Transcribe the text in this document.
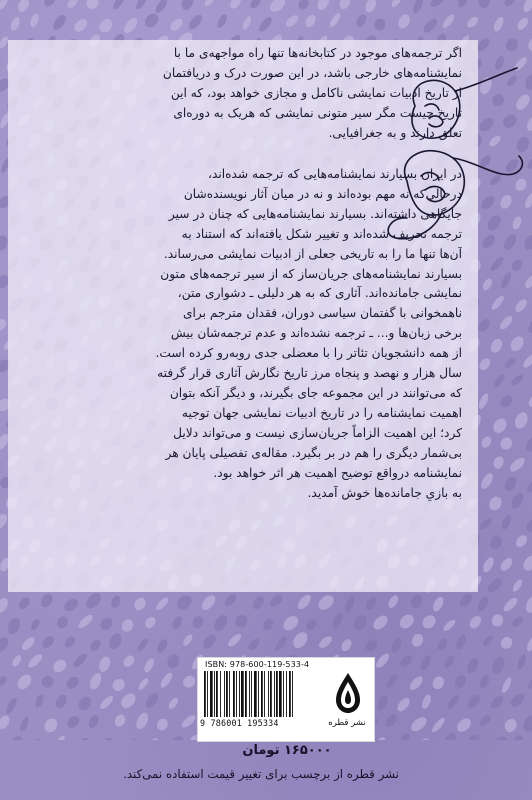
اگر ترجمه‌های موجود در کتابخانه‌ها تنها راه مواجهه‌ی ما با

نمایشنامه‌های خارجی باشد، در این صورت درک و دریافتمان

از تاریخ ادبیات نمایشی ناکامل و مجازی خواهد بود، که این

تاریخ چیست مگر سیر متونی نمایشی که هریک به دوره‌ای

تعلق دارند و به جغرافیایی.

در ایران بسیارند نمایشنامه‌هایی که ترجمه شده‌اند،

درحالی‌که نه مهم بوده‌اند و نه در میان آثار نویسنده‌شان

جایگاهی داشته‌اند. بسیارند نمایشنامه‌هایی که چنان در سیر

ترجمه تحریف شده‌اند و تغییر شکل یافته‌اند که استناد به

آن‌ها تنها ما را به تاریخی جعلی از ادبیات نمایشی می‌رساند.

بسیارند نمایشنامه‌های جریان‌ساز که از سیر ترجمه‌های متون

نمایشی جامانده‌اند. آثاری که به هر دلیلی ـ دشواری متن،

ناهمخوانی با گفتمان سیاسی دوران، فقدان مترجم برای

برخی زبان‌ها و... ـ ترجمه نشده‌اند و عدم ترجمه‌شان بیش

از همه دانشجویان تئاتر را با معضلی جدی روبه‌رو کرده است.

سال هزار و نهصد و پنجاه مرز تاریخ نگارش آثاری قرار گرفته

که می‌توانند در این مجموعه جای بگیرند، و دیگر آنکه بتوان

اهمیت نمایشنامه را در تاریخ ادبیات نمایشی جهان توجیه

کرد؛ این اهمیت الزاماً جریان‌سازی نیست و می‌تواند دلایل

بی‌شمار دیگری را هم در بر بگیرد. مقاله‌ی تفصیلی پایان هر

نمایشنامه درواقع توضیح اهمیت هر اثر خواهد بود.

به بازیِ جامانده‌ها خوش آمدید.

ISBN: 978-600-119-533-4
9 786001 195334	نشر قطره
۱۶۵۰۰۰ تومان
نشر قطره از برچسب برای تغییر قیمت استفاده نمی‌کند.
